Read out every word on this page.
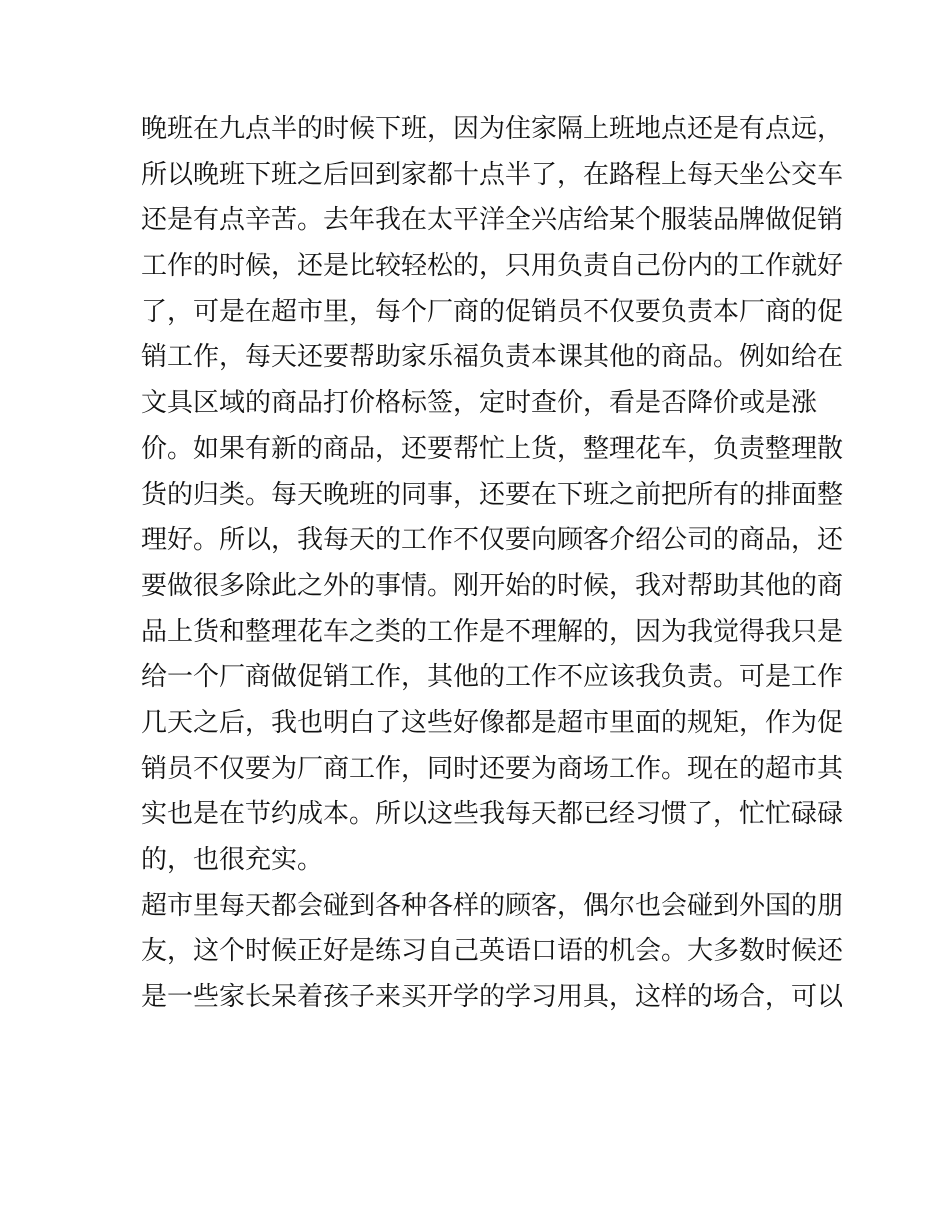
晚班在九点半的时候下班，因为住家隔上班地点还是有点远，
所以晚班下班之后回到家都十点半了，在路程上每天坐公交车
还是有点辛苦。去年我在太平洋全兴店给某个服装品牌做促销
工作的时候，还是比较轻松的，只用负责自己份内的工作就好
了，可是在超市里，每个厂商的促销员不仅要负责本厂商的促
销工作，每天还要帮助家乐福负责本课其他的商品。例如给在
文具区域的商品打价格标签，定时查价，看是否降价或是涨
价。如果有新的商品，还要帮忙上货，整理花车，负责整理散
货的归类。每天晚班的同事，还要在下班之前把所有的排面整
理好。所以，我每天的工作不仅要向顾客介绍公司的商品，还
要做很多除此之外的事情。刚开始的时候，我对帮助其他的商
品上货和整理花车之类的工作是不理解的，因为我觉得我只是
给一个厂商做促销工作，其他的工作不应该我负责。可是工作
几天之后，我也明白了这些好像都是超市里面的规矩，作为促
销员不仅要为厂商工作，同时还要为商场工作。现在的超市其
实也是在节约成本。所以这些我每天都已经习惯了，忙忙碌碌
的，也很充实。
超市里每天都会碰到各种各样的顾客，偶尔也会碰到外国的朋
友，这个时候正好是练习自己英语口语的机会。大多数时候还
是一些家长呆着孩子来买开学的学习用具，这样的场合，可以
